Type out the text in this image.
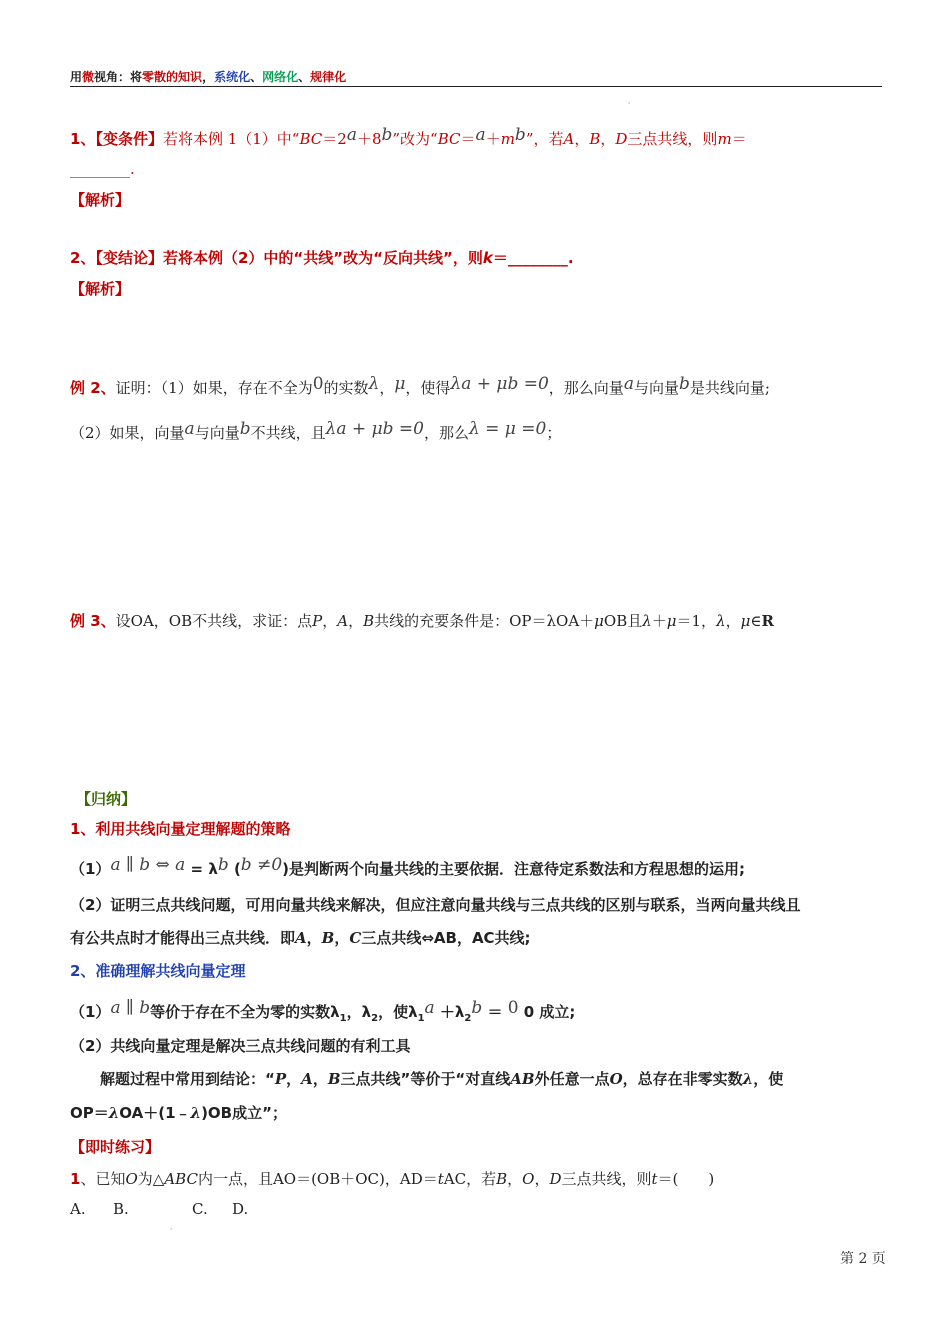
用微视角：将零散的知识，系统化、网络化、规律化
ˌ
1、【变条件】若将本例 1（1）中“BC＝2a＋8b”改为“BC＝a＋mb”，若A，B，D三点共线，则m＝
________.
【解析】
2、【变结论】若将本例（2）中的“共线”改为“反向共线”，则k＝________.
【解析】
例 2、证明：（1）如果，存在不全为0的实数λ，μ，使得λa + μb =0，那么向量a与向量b是共线向量;
（2）如果，向量a与向量b不共线，且λa + μb =0，那么λ = μ =0；
例 3、设OA，OB不共线，求证：点P，A，B共线的充要条件是：OP＝λOA＋μOB且λ＋μ＝1，λ，μ∈R
【归纳】
1、利用共线向量定理解题的策略
（1）a ∥ b ⇔ a = λb (b ≠0)是判断两个向量共线的主要依据．注意待定系数法和方程思想的运用;
（2）证明三点共线问题，可用向量共线来解决，但应注意向量共线与三点共线的区别与联系，当两向量共线且
有公共点时才能得出三点共线．即A，B，C三点共线⇔AB，AC共线;
2、准确理解共线向量定理
（1）a ∥ b等价于存在不全为零的实数$\lambda_1$，$\lambda_2$，使$\lambda_1a +\lambda_2b = 0$ 0 成立;
（2）共线向量定理是解决三点共线问题的有利工具
解题过程中常用到结论：“P，A，B三点共线”等价于“对直线AB外任意一点O，总存在非零实数λ，使
OP＝λOA＋(1﹣λ)OB成立”；
【即时练习】
1、已知O为△ABC内一点，且AO＝(OB＋OC)，AD＝tAC，若B，O，D三点共线，则t＝(　　)
A. B.	C. D.
ˌ
第 2 页
